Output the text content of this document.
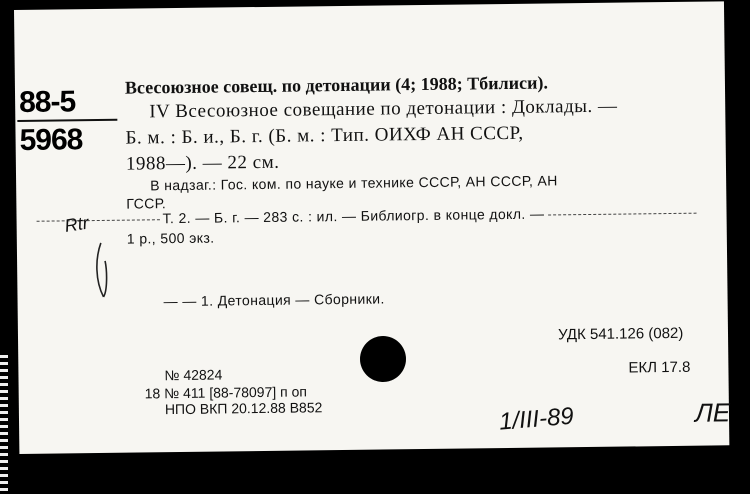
88-5
5968
Всесоюзное совещ. по детонации (4; 1988; Тбилиси).
IV Всесоюзное совещание по детонации : Доклады. —
Б. м. : Б. и., Б. г. (Б. м. : Тип. ОИХФ АН СССР,
1988—). — 22 см.
В надзаг.: Гос. ком. по науке и технике СССР, АН СССР, АН
ГССР.
Т. 2. — Б. г. — 283 с. : ил. — Библиогр. в конце докл. —
1 р., 500 экз.
Rtr
— — 1. Детонация — Сборники.
УДК 541.126 (082)
ЕКЛ 17.8
№ 42824
18 № 411 [88-78097] п оп
НПО ВКП 20.12.88 В852	1/III-89	ЛЕ
